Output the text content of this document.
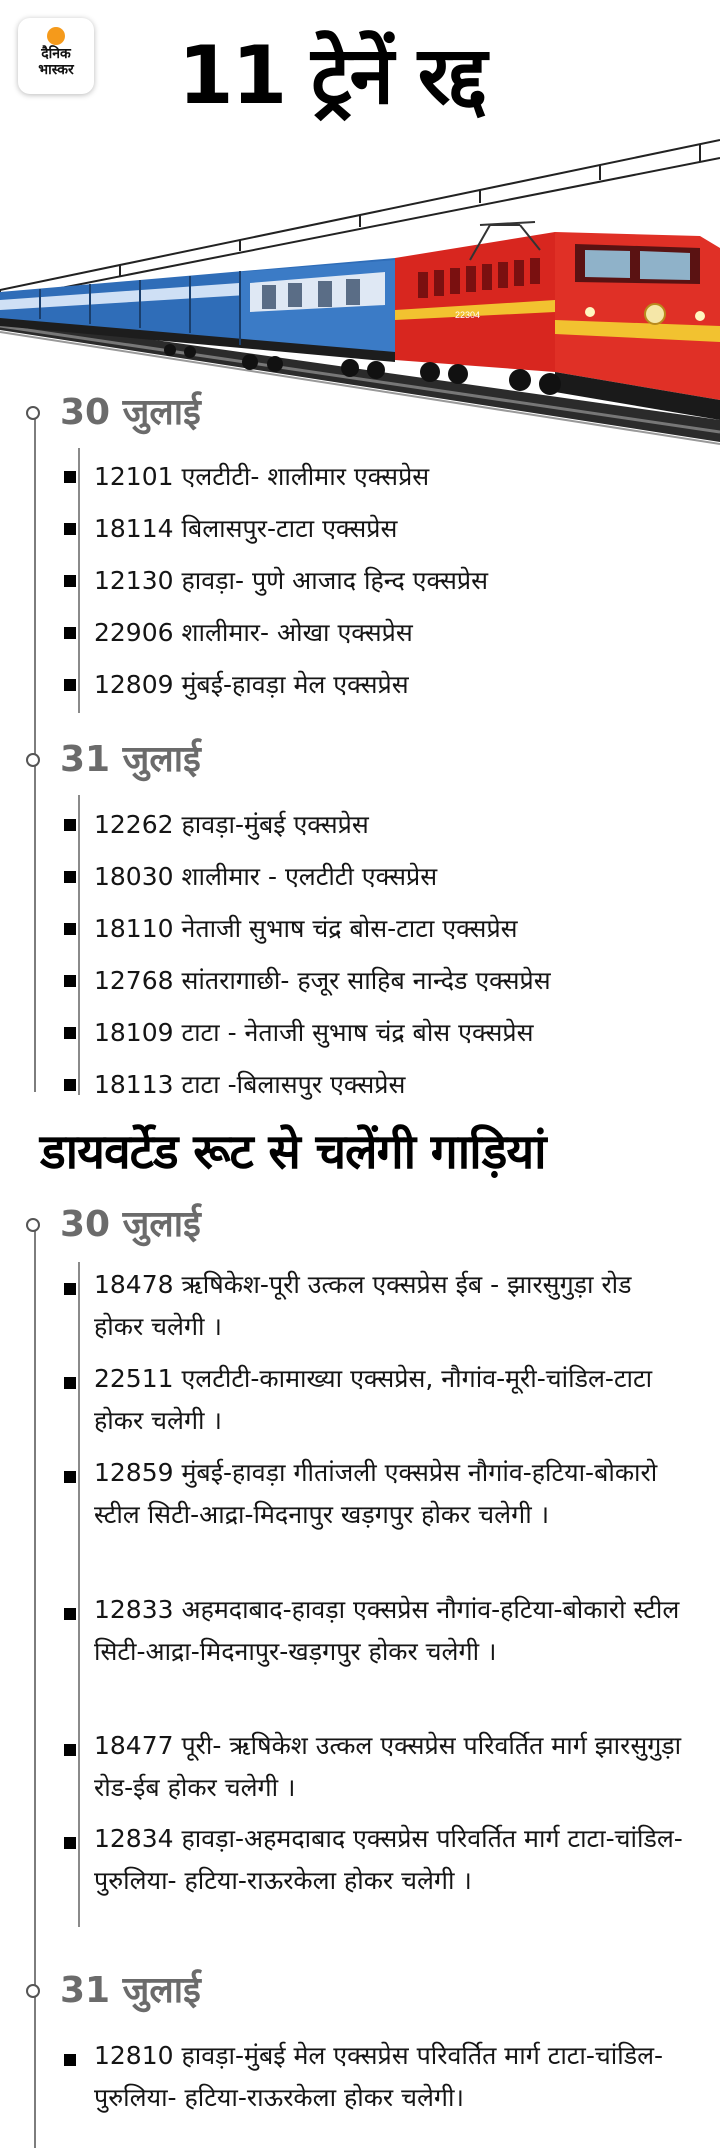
दैनिक
भास्कर 11 ट्रेनें रद्द
22304
30 जुलाई
12101 एलटीटी- शालीमार एक्सप्रेस
18114 बिलासपुर-टाटा एक्सप्रेस
12130 हावड़ा- पुणे आजाद हिन्द एक्सप्रेस
22906 शालीमार- ओखा एक्सप्रेस
12809 मुंबई-हावड़ा मेल एक्सप्रेस
31 जुलाई
12262 हावड़ा-मुंबई एक्सप्रेस
18030 शालीमार - एलटीटी एक्सप्रेस
18110 नेताजी सुभाष चंद्र बोस-टाटा एक्सप्रेस
12768 सांतरागाछी- हजूर साहिब नान्देड एक्सप्रेस
18109 टाटा - नेताजी सुभाष चंद्र बोस एक्सप्रेस
18113 टाटा -बिलासपुर एक्सप्रेस
डायवर्टेड रूट से चलेंगी गाड़ियां
30 जुलाई
18478 ऋषिकेश-पूरी उत्कल एक्सप्रेस ईब - झारसुगुड़ा रोड होकर चलेगी ।
22511 एलटीटी-कामाख्या एक्सप्रेस, नौगांव-मूरी-चांडिल-टाटा होकर चलेगी ।
12859 मुंबई-हावड़ा गीतांजली एक्सप्रेस नौगांव-हटिया-बोकारो स्टील सिटी-आद्रा-मिदनापुर खड़गपुर होकर चलेगी ।
12833 अहमदाबाद-हावड़ा एक्सप्रेस नौगांव-हटिया-बोकारो स्टील सिटी-आद्रा-मिदनापुर-खड़गपुर होकर चलेगी ।
18477 पूरी- ऋषिकेश उत्कल एक्सप्रेस परिवर्तित मार्ग झारसुगुड़ा रोड-ईब होकर चलेगी ।
12834 हावड़ा-अहमदाबाद एक्सप्रेस परिवर्तित मार्ग टाटा-चांडिल-पुरुलिया- हटिया-राऊरकेला होकर चलेगी ।
31 जुलाई
12810 हावड़ा-मुंबई मेल एक्सप्रेस परिवर्तित मार्ग टाटा-चांडिल-पुरुलिया- हटिया-राऊरकेला होकर चलेगी।
